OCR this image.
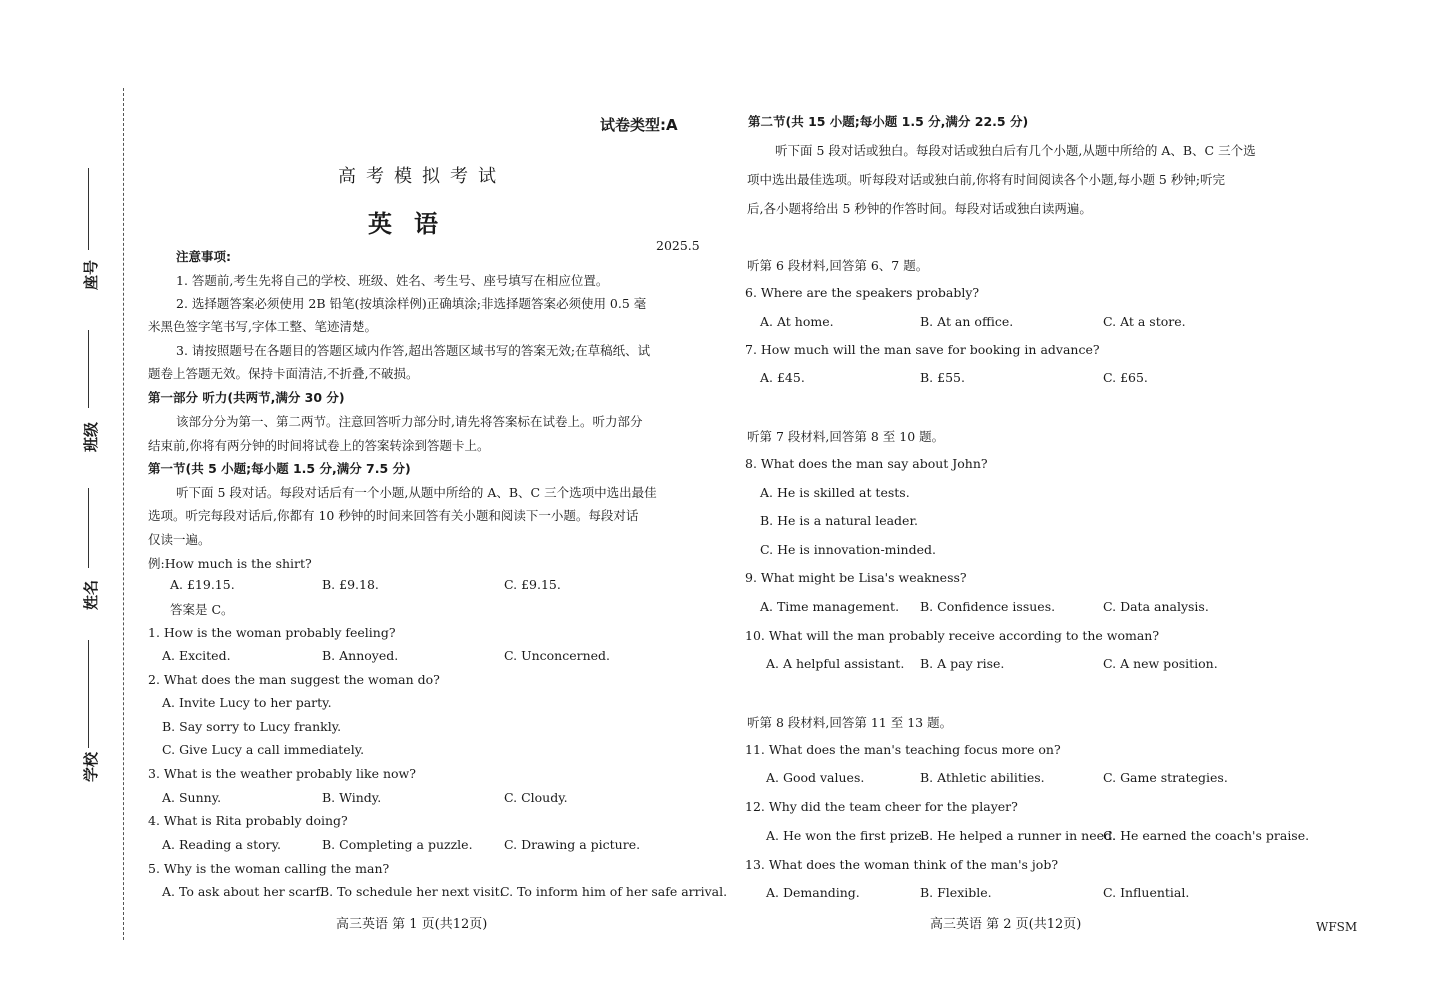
座号
班级
姓名
学校
试卷类型:A
高考模拟考试
英语
2025.5
注意事项:
1. 答题前,考生先将自己的学校、班级、姓名、考生号、座号填写在相应位置。
2. 选择题答案必须使用 2B 铅笔(按填涂样例)正确填涂;非选择题答案必须使用 0.5 毫
米黑色签字笔书写,字体工整、笔迹清楚。
3. 请按照题号在各题目的答题区域内作答,超出答题区域书写的答案无效;在草稿纸、试
题卷上答题无效。保持卡面清洁,不折叠,不破损。
第一部分 听力(共两节,满分 30 分)
该部分分为第一、第二两节。注意回答听力部分时,请先将答案标在试卷上。听力部分
结束前,你将有两分钟的时间将试卷上的答案转涂到答题卡上。
第一节(共 5 小题;每小题 1.5 分,满分 7.5 分)
听下面 5 段对话。每段对话后有一个小题,从题中所给的 A、B、C 三个选项中选出最佳
选项。听完每段对话后,你都有 10 秒钟的时间来回答有关小题和阅读下一小题。每段对话
仅读一遍。
例:How much is the shirt?
A. £19.15.	B. £9.18.	C. £9.15.
答案是 C。
1. How is the woman probably feeling?
A. Excited.	B. Annoyed.	C. Unconcerned.
2. What does the man suggest the woman do?
A. Invite Lucy to her party.
B. Say sorry to Lucy frankly.
C. Give Lucy a call immediately.
3. What is the weather probably like now?
A. Sunny.	B. Windy.	C. Cloudy.
4. What is Rita probably doing?
A. Reading a story.	B. Completing a puzzle.	C. Drawing a picture.
5. Why is the woman calling the man?
A. To ask about her scarf.
B. To schedule her next visit.
C. To inform him of her safe arrival.
高三英语 第 1 页(共12页)
第二节(共 15 小题;每小题 1.5 分,满分 22.5 分)
听下面 5 段对话或独白。每段对话或独白后有几个小题,从题中所给的 A、B、C 三个选
项中选出最佳选项。听每段对话或独白前,你将有时间阅读各个小题,每小题 5 秒钟;听完
后,各小题将给出 5 秒钟的作答时间。每段对话或独白读两遍。
听第 6 段材料,回答第 6、7 题。
6. Where are the speakers probably?
A. At home.	B. At an office.	C. At a store.
7. How much will the man save for booking in advance?
A. £45.	B. £55.	C. £65.
听第 7 段材料,回答第 8 至 10 题。
8. What does the man say about John?
A. He is skilled at tests.
B. He is a natural leader.
C. He is innovation-minded.
9. What might be Lisa's weakness?
A. Time management. B. Confidence issues.	C. Data analysis.
10. What will the man probably receive according to the woman?
A. A helpful assistant. B. A pay rise.	C. A new position.
听第 8 段材料,回答第 11 至 13 题。
11. What does the man's teaching focus more on?
A. Good values.	B. Athletic abilities.	C. Game strategies.
12. Why did the team cheer for the player?
A. He won the first prize.
B. He helped a runner in need.
C. He earned the coach's praise.
13. What does the woman think of the man's job?
A. Demanding.	B. Flexible.	C. Influential.
高三英语 第 2 页(共12页)	WFSM
